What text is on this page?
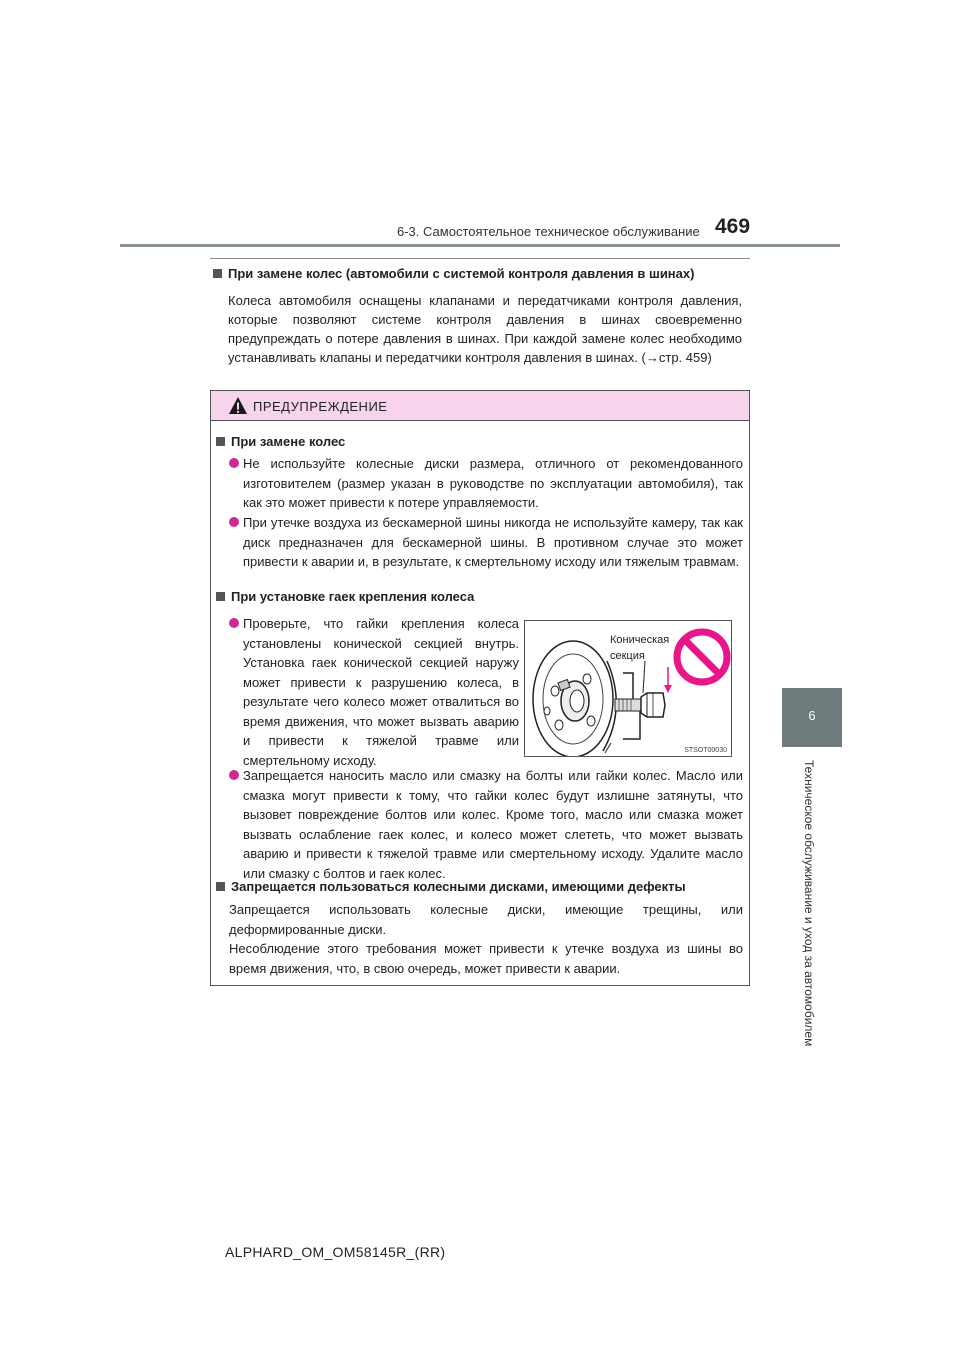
6-3. Самостоятельное техническое обслуживание 469
6
Техническое обслуживание и уход за автомобилем
При замене колес (автомобили с системой контроля давления в шинах)
Колеса автомобиля оснащены клапанами и передатчиками контроля давления, которые позволяют системе контроля давления в шинах своевременно предупреждать о потере давления в шинах. При каждой замене колес необходимо устанавливать клапаны и передатчики контроля давления в шинах. (→стр. 459)
ПРЕДУПРЕЖДЕНИЕ
При замене колес
Не используйте колесные диски размера, отличного от рекомендованного изготовителем (размер указан в руководстве по эксплуатации автомобиля), так как это может привести к потере управляемости.
При утечке воздуха из бескамерной шины никогда не используйте камеру, так как диск предназначен для бескамерной шины. В противном случае это может привести к аварии и, в результате, к смертельному исходу или тяжелым травмам.
При установке гаек крепления колеса
Проверьте, что гайки крепления колеса установлены конической секцией внутрь. Установка гаек конической секцией наружу может привести к разрушению колеса, в результате чего колесо может отвалиться во время движения, что может вызвать аварию и привести к тяжелой травме или смертельному исходу.
Коническая
секция
STSOT00030
Запрещается наносить масло или смазку на болты или гайки колес. Масло или смазка могут привести к тому, что гайки колес будут излишне затянуты, что вызовет повреждение болтов или колес. Кроме того, масло или смазка может вызвать ослабление гаек колес, и колесо может слететь, что может вызвать аварию и привести к тяжелой травме или смертельному исходу. Удалите масло или смазку с болтов и гаек колес.
Запрещается пользоваться колесными дисками, имеющими дефекты
Запрещается использовать колесные диски, имеющие трещины, или деформированные диски.
Несоблюдение этого требования может привести к утечке воздуха из шины во время движения, что, в свою очередь, может привести к аварии.
ALPHARD_OM_OM58145R_(RR)
